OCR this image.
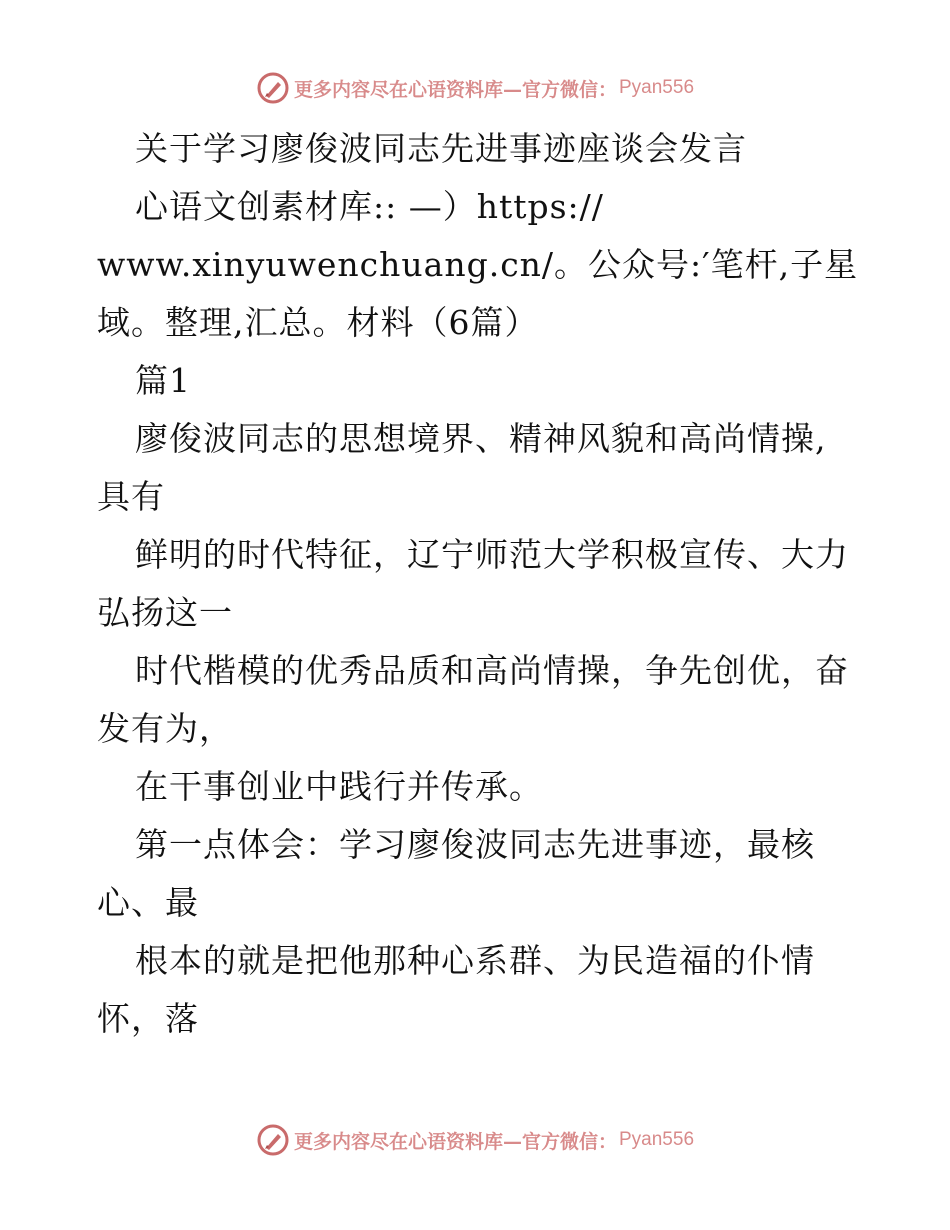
更多内容尽在心语资料库—官方微信： Pyan556
关于学习廖俊波同志先进事迹座谈会发言
心语文创素材库:: —）https://
www.xinyuwenchuang.cn/。公众号:′笔杆,子星
域。整理,汇总。材料（6篇）
篇1
廖俊波同志的思想境界、精神风貌和高尚情操,
具有
鲜明的时代特征，辽宁师范大学积极宣传、大力
弘扬这一
时代楷模的优秀品质和高尚情操，争先创优，奋
发有为，
在干事创业中践行并传承。
第一点体会：学习廖俊波同志先进事迹，最核
心、最
根本的就是把他那种心系群、为民造福的仆情
怀，落
更多内容尽在心语资料库—官方微信： Pyan556
